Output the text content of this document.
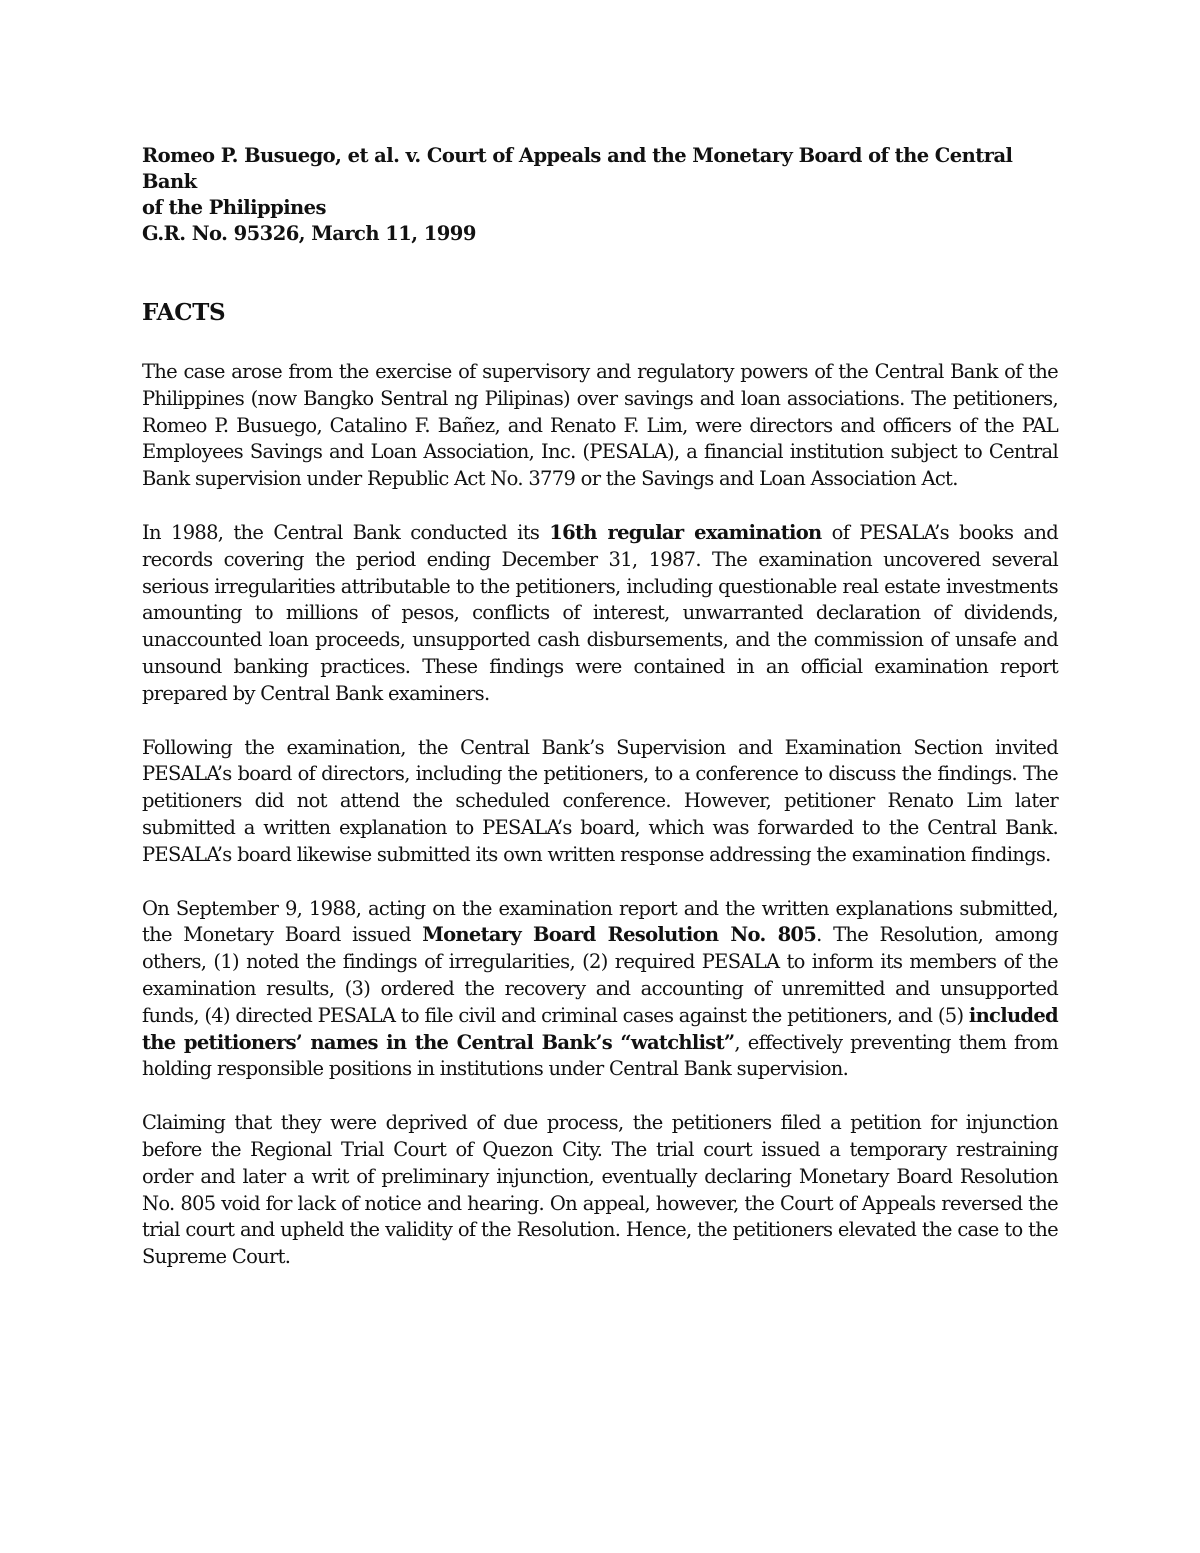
Romeo P. Busuego, et al. v. Court of Appeals and the Monetary Board of the Central Bank
of the Philippines
G.R. No. 95326, March 11, 1999
FACTS

The case arose from the exercise of supervisory and regulatory powers of the Central Bank of the Philippines (now Bangko Sentral ng Pilipinas) over savings and loan associations. The petitioners, Romeo P. Busuego, Catalino F. Bañez, and Renato F. Lim, were directors and officers of the PAL Employees Savings and Loan Association, Inc. (PESALA), a financial institution subject to Central Bank supervision under Republic Act No. 3779 or the Savings and Loan Association Act.

In 1988, the Central Bank conducted its 16th regular examination of PESALA’s books and records covering the period ending December 31, 1987. The examination uncovered several serious irregularities attributable to the petitioners, including questionable real estate investments amounting to millions of pesos, conflicts of interest, unwarranted declaration of dividends, unaccounted loan proceeds, unsupported cash disbursements, and the commission of unsafe and unsound banking practices. These findings were contained in an official examination report prepared by Central Bank examiners.

Following the examination, the Central Bank’s Supervision and Examination Section invited PESALA’s board of directors, including the petitioners, to a conference to discuss the findings. The petitioners did not attend the scheduled conference. However, petitioner Renato Lim later submitted a written explanation to PESALA’s board, which was forwarded to the Central Bank. PESALA’s board likewise submitted its own written response addressing the examination findings.

On September 9, 1988, acting on the examination report and the written explanations submitted, the Monetary Board issued Monetary Board Resolution No. 805. The Resolution, among others, (1) noted the findings of irregularities, (2) required PESALA to inform its members of the examination results, (3) ordered the recovery and accounting of unremitted and unsupported funds, (4) directed PESALA to file civil and criminal cases against the petitioners, and (5) included the petitioners’ names in the Central Bank’s “watchlist”, effectively preventing them from holding responsible positions in institutions under Central Bank supervision.

Claiming that they were deprived of due process, the petitioners filed a petition for injunction before the Regional Trial Court of Quezon City. The trial court issued a temporary restraining order and later a writ of preliminary injunction, eventually declaring Monetary Board Resolution No. 805 void for lack of notice and hearing. On appeal, however, the Court of Appeals reversed the trial court and upheld the validity of the Resolution. Hence, the petitioners elevated the case to the Supreme Court.
